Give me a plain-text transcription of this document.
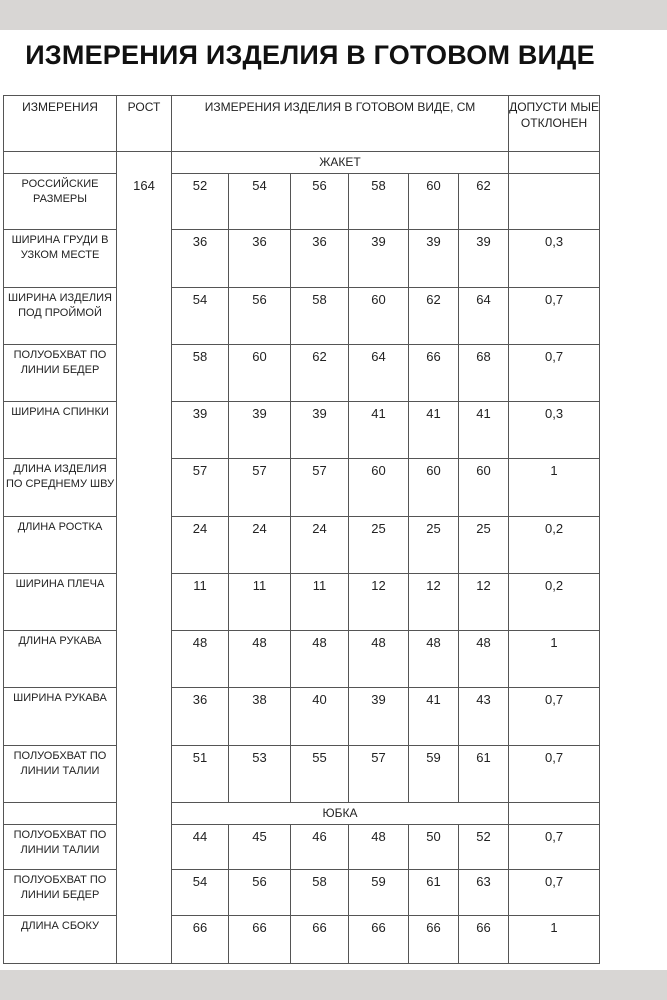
ИЗМЕРЕНИЯ ИЗДЕЛИЯ В ГОТОВОМ ВИДЕ
ИЗМЕРЕНИЯ	РОСТ	ИЗМЕРЕНИЯ ИЗДЕЛИЯ В ГОТОВОМ ВИДЕ, СМ						ДОПУСТИ МЫЕ ОТКЛОНЕН
		ЖАКЕТ						
РОССИЙСКИЕ РАЗМЕРЫ	164	52	54	56	58	60	62	
ШИРИНА ГРУДИ В УЗКОМ МЕСТЕ		36	36	36	39	39	39	0,3
ШИРИНА ИЗДЕЛИЯ ПОД ПРОЙМОЙ		54	56	58	60	62	64	0,7
ПОЛУОБХВАТ ПО ЛИНИИ БЕДЕР		58	60	62	64	66	68	0,7
ШИРИНА СПИНКИ		39	39	39	41	41	41	0,3
ДЛИНА ИЗДЕЛИЯ ПО СРЕДНЕМУ ШВУ		57	57	57	60	60	60	1
ДЛИНА РОСТКА		24	24	24	25	25	25	0,2
ШИРИНА ПЛЕЧА		11	11	11	12	12	12	0,2
ДЛИНА РУКАВА		48	48	48	48	48	48	1
ШИРИНА РУКАВА		36	38	40	39	41	43	0,7
ПОЛУОБХВАТ ПО ЛИНИИ ТАЛИИ		51	53	55	57	59	61	0,7
		ЮБКА						
ПОЛУОБХВАТ ПО ЛИНИИ ТАЛИИ		44	45	46	48	50	52	0,7
ПОЛУОБХВАТ ПО ЛИНИИ БЕДЕР		54	56	58	59	61	63	0,7
ДЛИНА СБОКУ		66	66	66	66	66	66	1
